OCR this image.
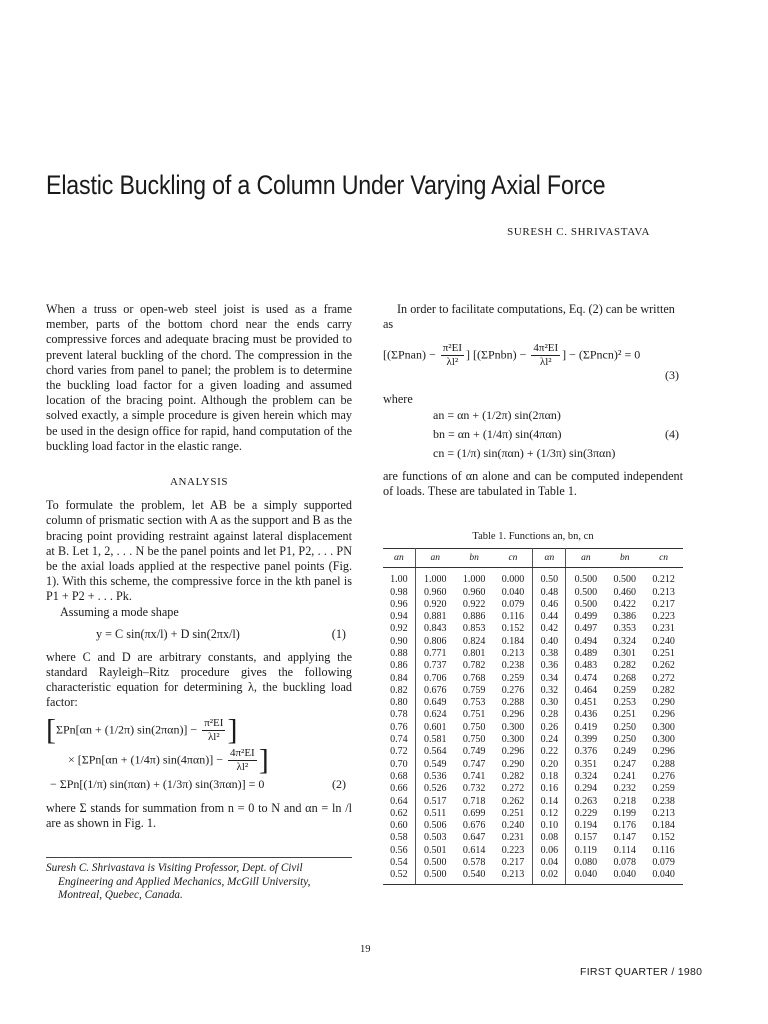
Elastic Buckling of a Column Under Varying Axial Force
SURESH C. SHRIVASTAVA

When a truss or open-web steel joist is used as a frame member, parts of the bottom chord near the ends carry compressive forces and adequate bracing must be provided to prevent lateral buckling of the chord. The compression in the chord varies from panel to panel; the problem is to determine the buckling load factor for a given loading and assumed location of the bracing point. Although the problem can be solved exactly, a simple procedure is given herein which may be used in the design office for rapid, hand computation of the buckling load factor in the elastic range.

ANALYSIS

To formulate the problem, let AB be a simply supported column of prismatic section with A as the support and B as the bracing point providing restraint against lateral displacement at B. Let 1, 2, . . . N be the panel points and let P1, P2, . . . PN be the axial loads applied at the respective panel points (Fig. 1). With this scheme, the compressive force in the kth panel is P1 + P2 + . . . Pk.

Assuming a mode shape

y = C sin(πx/l) + D sin(2πx/l)	(1)

where C and D are arbitrary constants, and applying the standard Rayleigh–Ritz procedure gives the following characteristic equation for determining λ, the buckling load factor:

[ΣPn[αn + (1/2π) $\sin(2\pi\alpha n)] - \frac{\text{π²EI}}{\text{λl²}}$ ]
× [ΣPn[αn + (1/4π) $\sin(4\pi\alpha n)] - \frac{\text{4π²EI}}{\text{λl²}}$ ]
− ΣPn[(1/π) sin(παn) + (1/3π) sin(3παn)] = 0	(2)

where Σ stands for summation from n = 0 to N and αn = ln /l are as shown in Fig. 1.

Suresh C. Shrivastava is Visiting Professor, Dept. of Civil Engineering and Applied Mechanics, McGill University, Montreal, Quebec, Canada.

In order to facilitate computations, Eq. (2) can be written as

[(ΣPnan) − $\frac{\text{π²EI}}{\text{λl²}}$ ] [(ΣPnbn) − $\frac{\text{4π²EI}}{\text{λl²}}$ ] − (ΣPncn)² = 0
(3)

where

an = αn + (1/2π) sin(2παn)
bn = αn + (1/4π) sin(4παn)	(4)
cn = (1/π) sin(παn) + (1/3π) sin(3παn)

are functions of αn alone and can be computed independent of loads. These are tabulated in Table 1.

Table 1. Functions an, bn, cn
αn	an	bn	cn	αn	an	bn	cn
1.00	1.000	1.000	0.000	0.50	0.500	0.500	0.212
0.98	0.960	0.960	0.040	0.48	0.500	0.460	0.213
0.96	0.920	0.922	0.079	0.46	0.500	0.422	0.217
0.94	0.881	0.886	0.116	0.44	0.499	0.386	0.223
0.92	0.843	0.853	0.152	0.42	0.497	0.353	0.231
0.90	0.806	0.824	0.184	0.40	0.494	0.324	0.240
0.88	0.771	0.801	0.213	0.38	0.489	0.301	0.251
0.86	0.737	0.782	0.238	0.36	0.483	0.282	0.262
0.84	0.706	0.768	0.259	0.34	0.474	0.268	0.272
0.82	0.676	0.759	0.276	0.32	0.464	0.259	0.282
0.80	0.649	0.753	0.288	0.30	0.451	0.253	0.290
0.78	0.624	0.751	0.296	0.28	0.436	0.251	0.296
0.76	0.601	0.750	0.300	0.26	0.419	0.250	0.300
0.74	0.581	0.750	0.300	0.24	0.399	0.250	0.300
0.72	0.564	0.749	0.296	0.22	0.376	0.249	0.296
0.70	0.549	0.747	0.290	0.20	0.351	0.247	0.288
0.68	0.536	0.741	0.282	0.18	0.324	0.241	0.276
0.66	0.526	0.732	0.272	0.16	0.294	0.232	0.259
0.64	0.517	0.718	0.262	0.14	0.263	0.218	0.238
0.62	0.511	0.699	0.251	0.12	0.229	0.199	0.213
0.60	0.506	0.676	0.240	0.10	0.194	0.176	0.184
0.58	0.503	0.647	0.231	0.08	0.157	0.147	0.152
0.56	0.501	0.614	0.223	0.06	0.119	0.114	0.116
0.54	0.500	0.578	0.217	0.04	0.080	0.078	0.079
0.52	0.500	0.540	0.213	0.02	0.040	0.040	0.040
19
FIRST QUARTER / 1980
